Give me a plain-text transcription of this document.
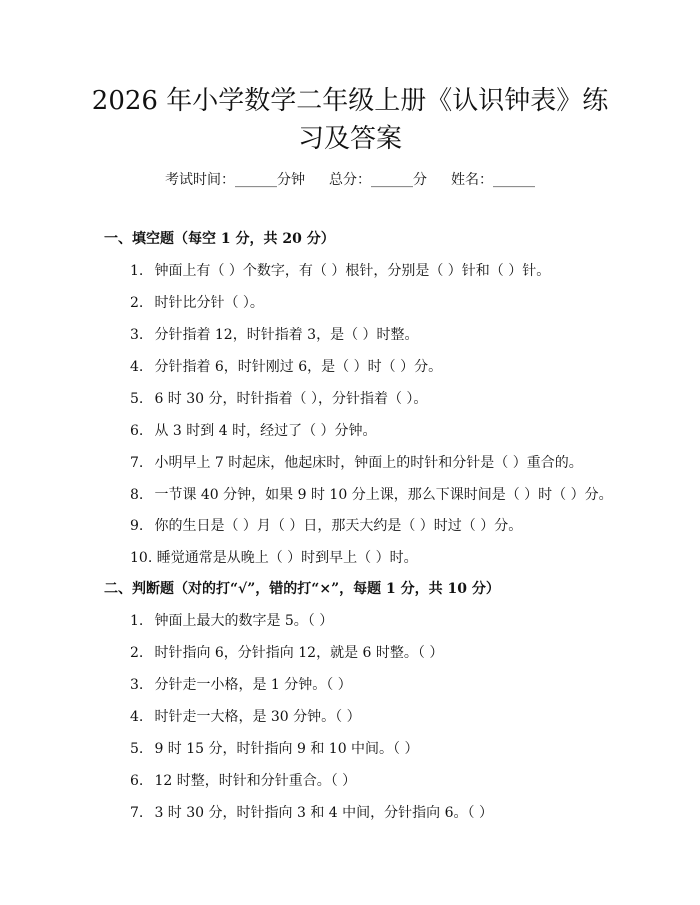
2026 年小学数学二年级上册《认识钟表》练
习及答案
考试时间：______分钟 总分：______分 姓名：______
一、填空题（每空 1 分，共 20 分）
1. 钟面上有（ ）个数字，有（ ）根针，分别是（ ）针和（ ）针。
2. 时针比分针（ ）。
3. 分针指着 12，时针指着 3，是（ ）时整。
4. 分针指着 6，时针刚过 6，是（ ）时（ ）分。
5. 6 时 30 分，时针指着（ ），分针指着（ ）。
6. 从 3 时到 4 时，经过了（ ）分钟。
7. 小明早上 7 时起床，他起床时，钟面上的时针和分针是（ ）重合的。
8. 一节课 40 分钟，如果 9 时 10 分上课，那么下课时间是（ ）时（ ）分。
9. 你的生日是（ ）月（ ）日，那天大约是（ ）时过（ ）分。
10. 睡觉通常是从晚上（ ）时到早上（ ）时。
二、判断题（对的打“√”，错的打“×”，每题 1 分，共 10 分）
1. 钟面上最大的数字是 5。（ ）
2. 时针指向 6，分针指向 12，就是 6 时整。（ ）
3. 分针走一小格，是 1 分钟。（ ）
4. 时针走一大格，是 30 分钟。（ ）
5. 9 时 15 分，时针指向 9 和 10 中间。（ ）
6. 12 时整，时针和分针重合。（ ）
7. 3 时 30 分，时针指向 3 和 4 中间，分针指向 6。（ ）
